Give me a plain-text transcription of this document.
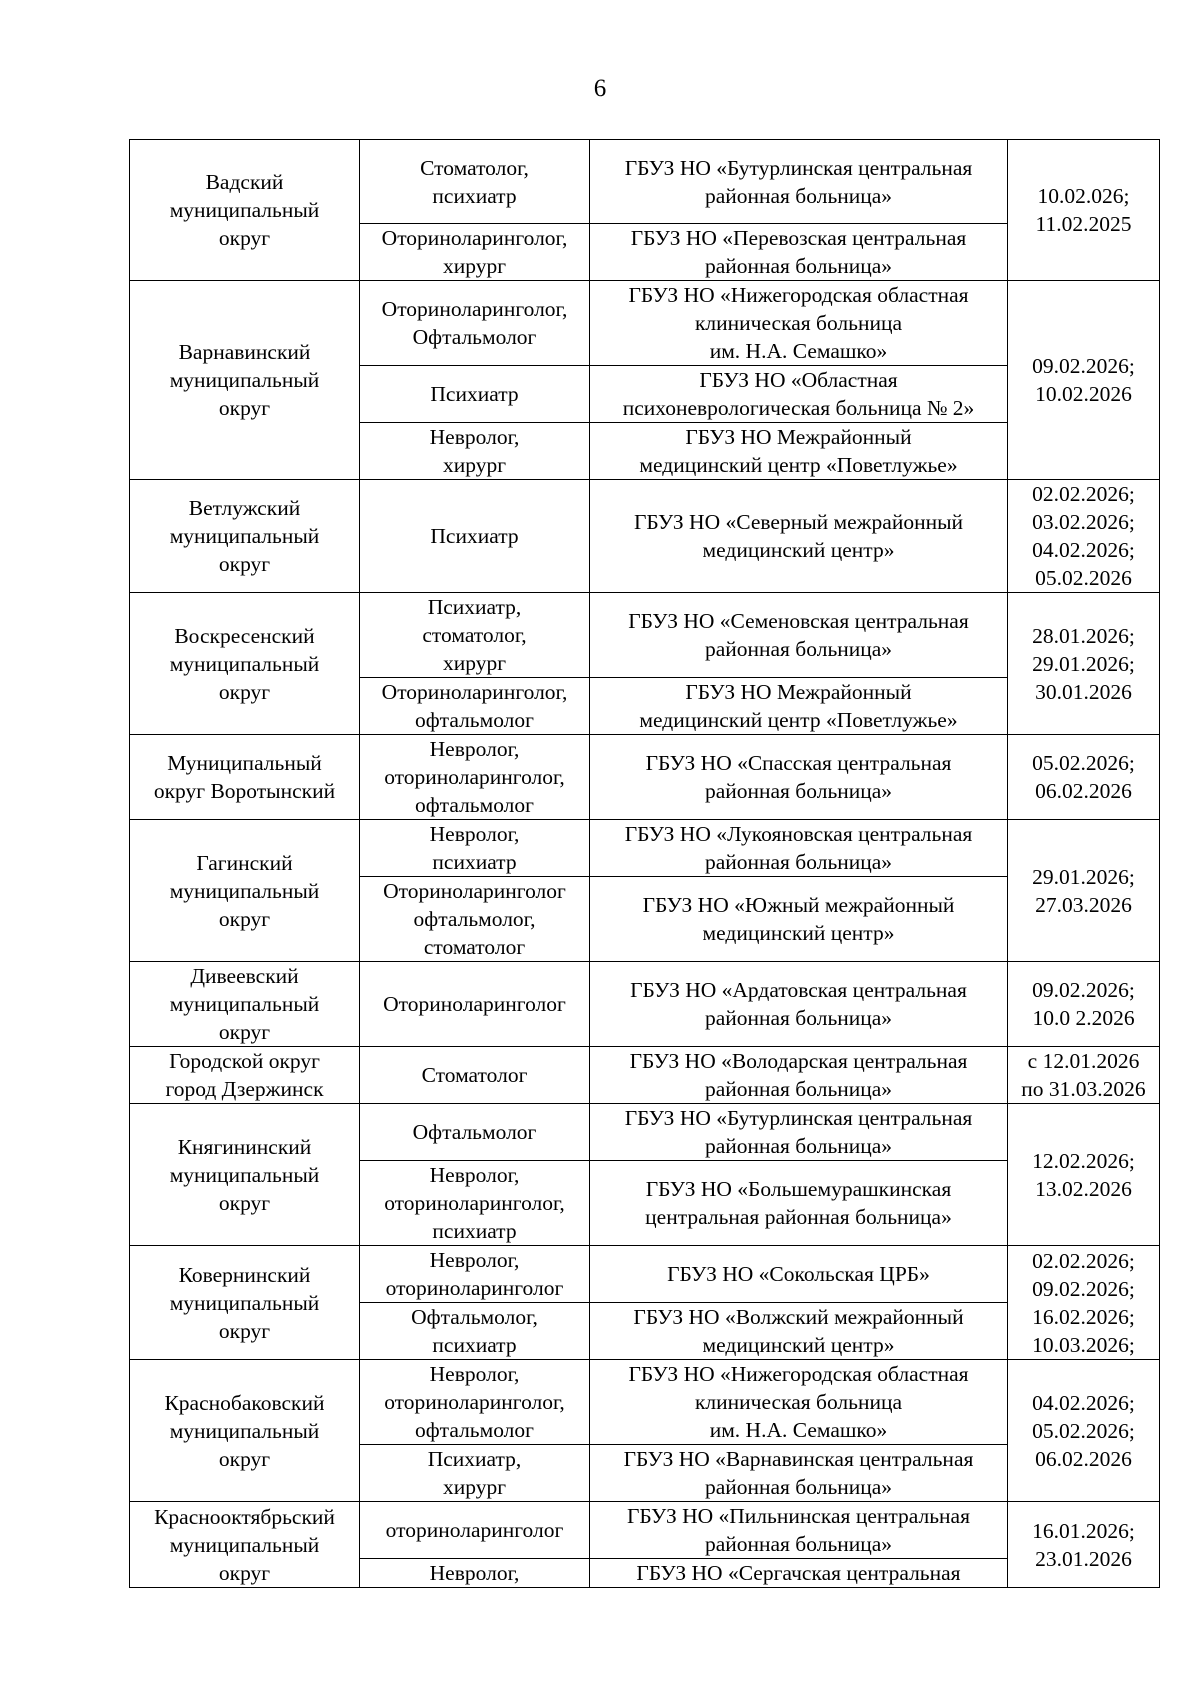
6
Вадский
муниципальный
округ	Стоматолог,
психиатр	ГБУЗ НО «Бутурлинская центральная
районная больница»	10.02.026;
11.02.2025
	Оториноларинголог,
хирург	ГБУЗ НО «Перевозская центральная
районная больница»	
Варнавинский
муниципальный
округ	Оториноларинголог,
Офтальмолог	ГБУЗ НО «Нижегородская областная
клиническая больница
им. Н.А. Семашко»	09.02.2026;
10.02.2026
	Психиатр	ГБУЗ НО «Областная
психоневрологическая больница № 2»	
	Невролог,
хирург	ГБУЗ НО Межрайонный
медицинский центр «Поветлужье»	
Ветлужский
муниципальный
округ	Психиатр	ГБУЗ НО «Северный межрайонный
медицинский центр»	02.02.2026;
03.02.2026;
04.02.2026;
05.02.2026
Воскресенский
муниципальный
округ	Психиатр,
стоматолог,
хирург	ГБУЗ НО «Семеновская центральная
районная больница»	28.01.2026;
29.01.2026;
30.01.2026
	Оториноларинголог,
офтальмолог	ГБУЗ НО Межрайонный
медицинский центр «Поветлужье»	
Муниципальный
округ Воротынский	Невролог,
оториноларинголог,
офтальмолог	ГБУЗ НО «Спасская центральная
районная больница»	05.02.2026;
06.02.2026
Гагинский
муниципальный
округ	Невролог,
психиатр	ГБУЗ НО «Лукояновская центральная
районная больница»	29.01.2026;
27.03.2026
	Оториноларинголог
офтальмолог,
стоматолог	ГБУЗ НО «Южный межрайонный
медицинский центр»	
Дивеевский
муниципальный
округ	Оториноларинголог	ГБУЗ НО «Ардатовская центральная
районная больница»	09.02.2026;
10.0 2.2026
Городской округ
город Дзержинск	Стоматолог	ГБУЗ НО «Володарская центральная
районная больница»	с 12.01.2026
по 31.03.2026
Княгининский
муниципальный
округ	Офтальмолог	ГБУЗ НО «Бутурлинская центральная
районная больница»	12.02.2026;
13.02.2026
	Невролог,
оториноларинголог,
психиатр	ГБУЗ НО «Большемурашкинская
центральная районная больница»	
Ковернинский
муниципальный
округ	Невролог,
оториноларинголог	ГБУЗ НО «Сокольская ЦРБ»	02.02.2026;
09.02.2026;
16.02.2026;
10.03.2026;
	Офтальмолог,
психиатр	ГБУЗ НО «Волжский межрайонный
медицинский центр»	
Краснобаковский
муниципальный
округ	Невролог,
оториноларинголог,
офтальмолог	ГБУЗ НО «Нижегородская областная
клиническая больница
им. Н.А. Семашко»	04.02.2026;
05.02.2026;
06.02.2026
	Психиатр,
хирург	ГБУЗ НО «Варнавинская центральная
районная больница»	
Краснооктябрьский
муниципальный
округ	оториноларинголог	ГБУЗ НО «Пильнинская центральная
районная больница»	16.01.2026;
23.01.2026
	Невролог,	ГБУЗ НО «Сергачская центральная	
